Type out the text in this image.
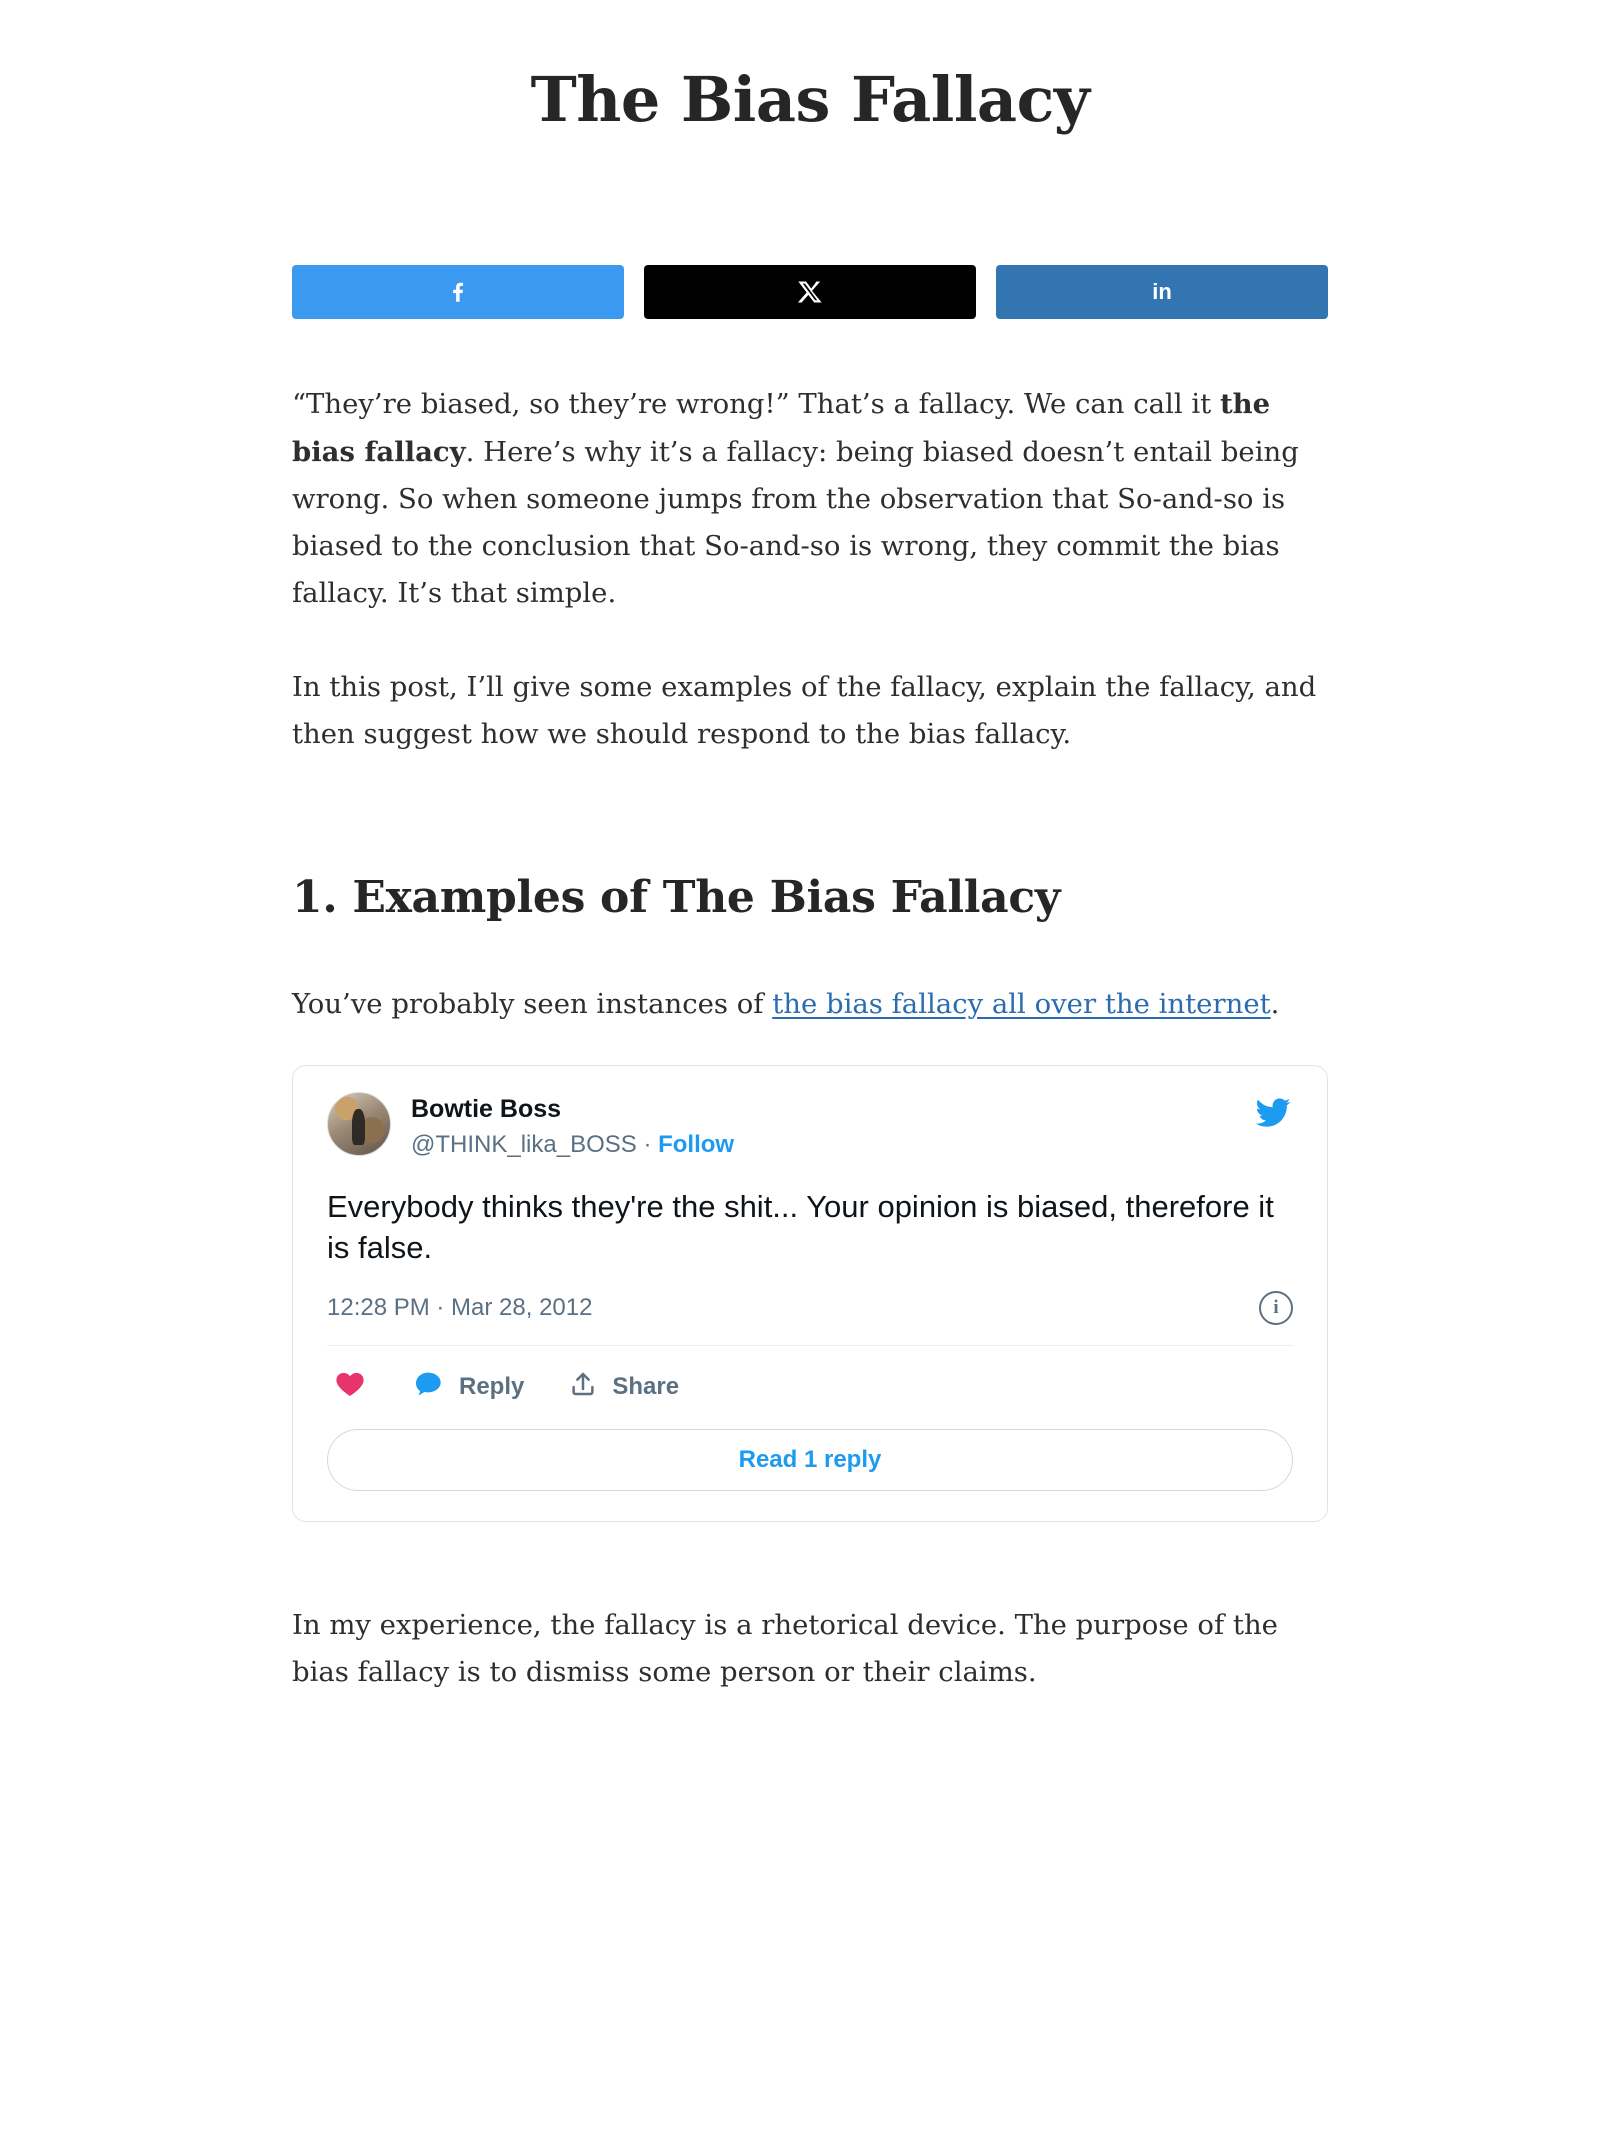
The Bias Fallacy
in

“They’re biased, so they’re wrong!” That’s a fallacy. We can call it the bias fallacy. Here’s why it’s a fallacy: being biased doesn’t entail being wrong. So when someone jumps from the observation that So-and-so is biased to the conclusion that So-and-so is wrong, they commit the bias fallacy. It’s that simple.

In this post, I’ll give some examples of the fallacy, explain the fallacy, and then suggest how we should respond to the bias fallacy.

1. Examples of The Bias Fallacy

You’ve probably seen instances of the bias fallacy all over the internet.

Bowtie Boss
@THINK_lika_BOSS · Follow

Everybody thinks they're the shit... Your opinion is biased, therefore it is false.

12:28 PM · Mar 28, 2012	i
Reply	Share
Read 1 reply

In my experience, the fallacy is a rhetorical device. The purpose of the bias fallacy is to dismiss some person or their claims.
